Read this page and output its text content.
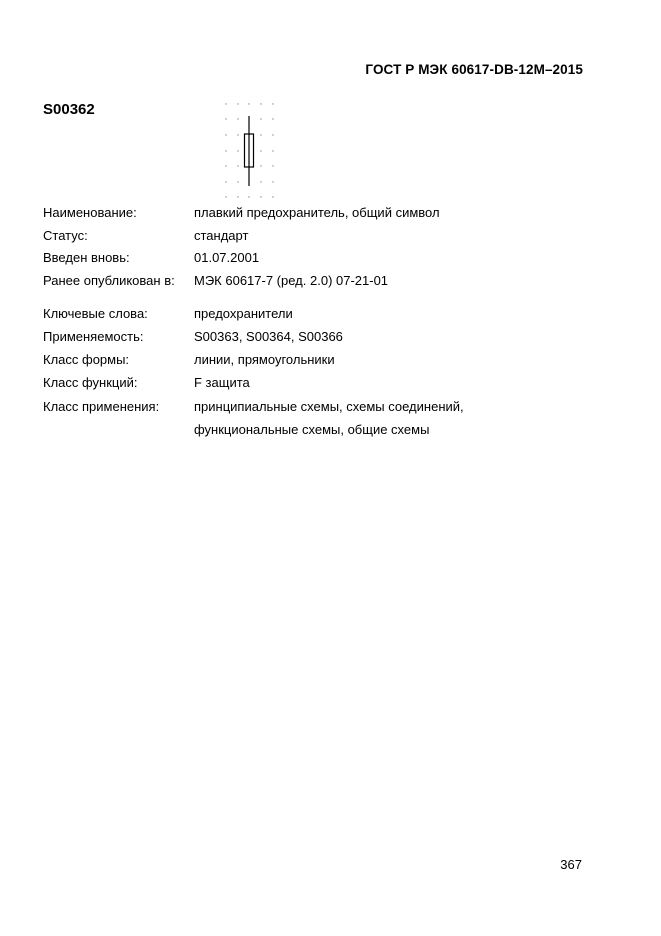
ГОСТ Р МЭК 60617-DB-12M–2015
S00362
Наименование:	плавкий предохранитель, общий символ
Статус:	стандарт
Введен вновь:	01.07.2001
Ранее опубликован в: МЭК 60617-7 (ред. 2.0) 07-21-01
Ключевые слова:	предохранители
Применяемость:	S00363, S00364, S00366
Класс формы:	линии, прямоугольники
Класс функций:	F защита
Класс применения:	принципиальные схемы, схемы соединений,
функциональные схемы, общие схемы
367
